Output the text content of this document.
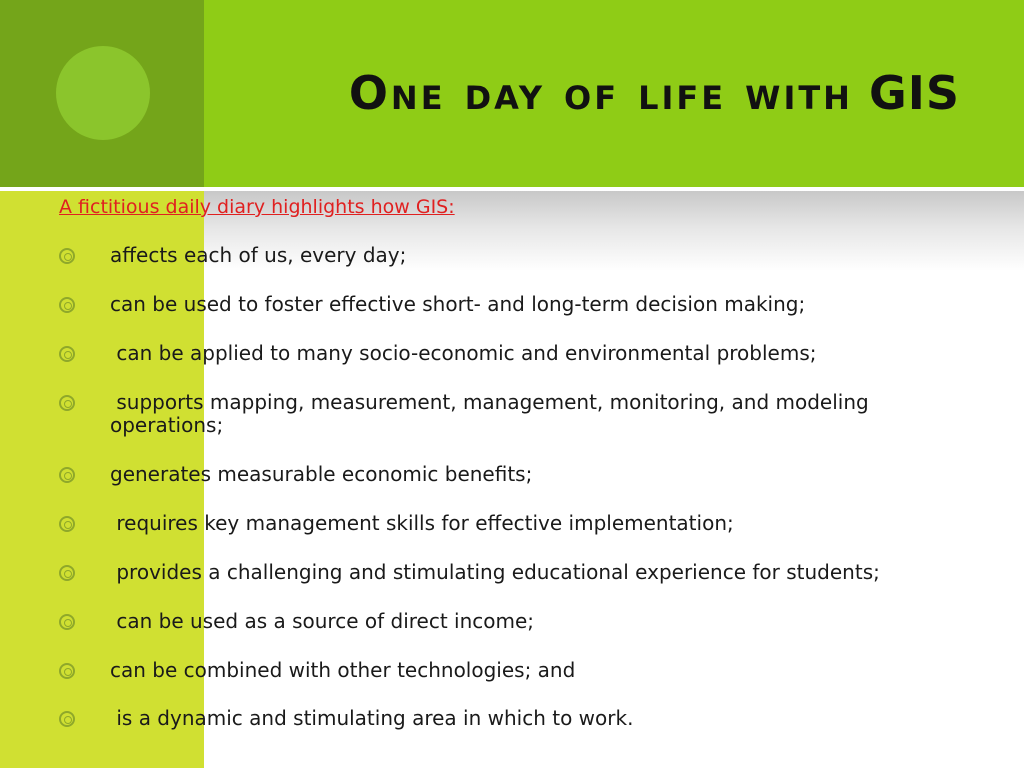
One day of life with GIS
A fictitious daily diary highlights how GIS:
affects each of us, every day;
can be used to foster effective short- and long-term decision making;
can be applied to many socio-economic and environmental problems;
supports mapping, measurement, management, monitoring, and modeling operations;
generates measurable economic benefits;
requires key management skills for effective implementation;
provides a challenging and stimulating educational experience for students;
can be used as a source of direct income;
can be combined with other technologies; and
is a dynamic and stimulating area in which to work.
